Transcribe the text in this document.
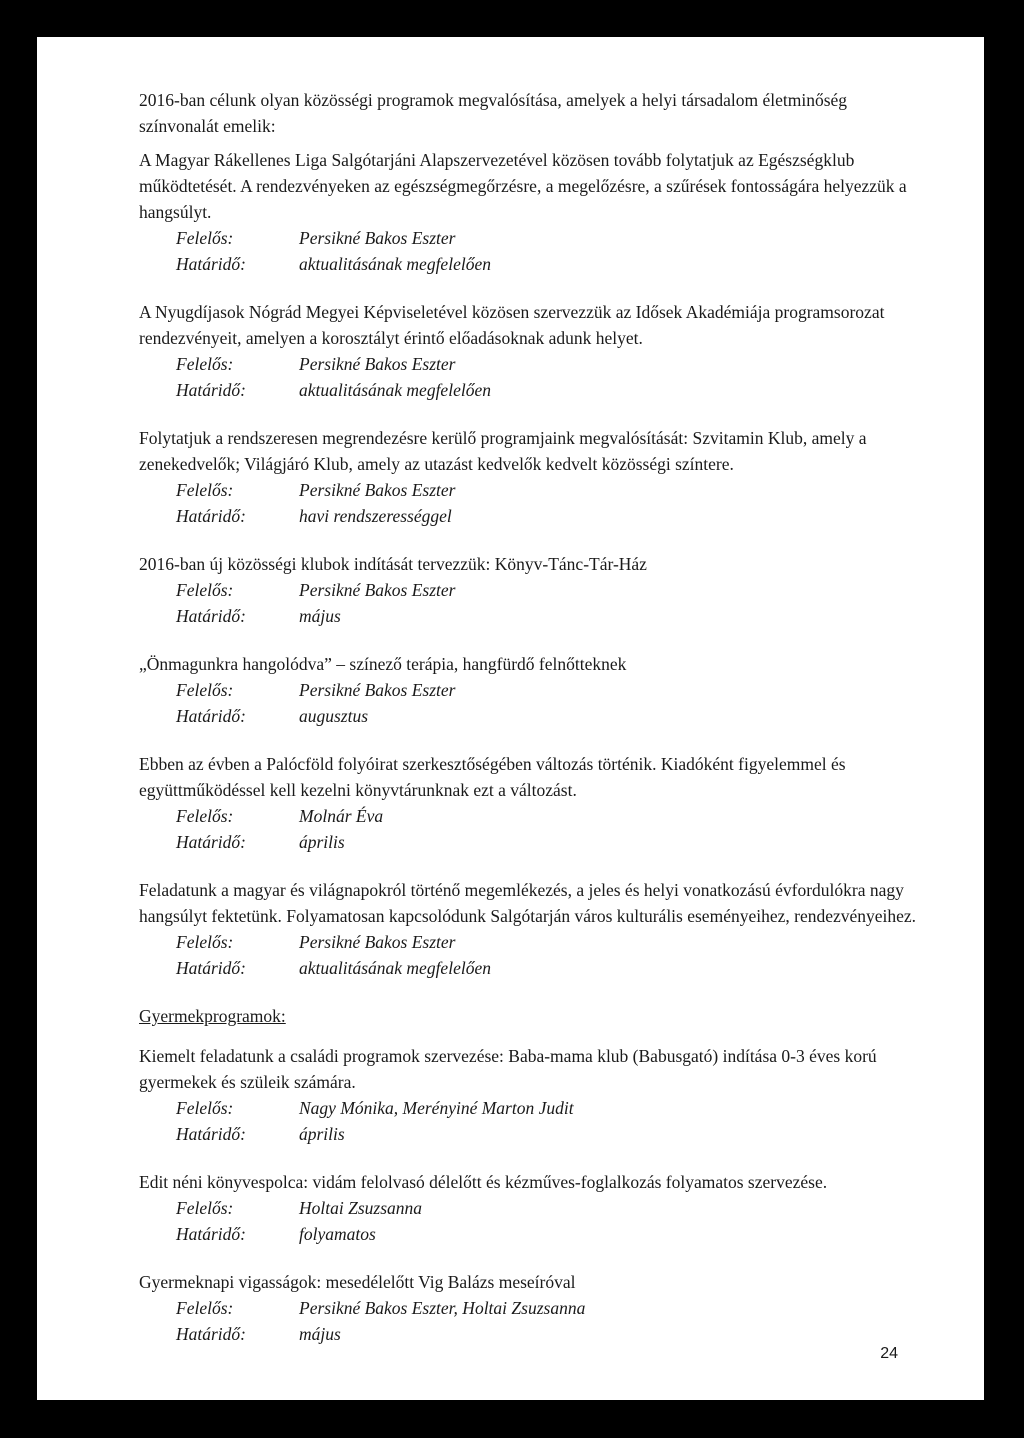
2016-ban célunk olyan közösségi programok megvalósítása, amelyek a helyi társadalom életminőség színvonalát emelik:

A Magyar Rákellenes Liga Salgótarjáni Alapszervezetével közösen tovább folytatjuk az Egészségklub működtetését. A rendezvényeken az egészségmegőrzésre, a megelőzésre, a szűrések fontosságára helyezzük a hangsúlyt.

Felelős:	Persikné Bakos Eszter
Határidő:	aktualitásának megfelelően

A Nyugdíjasok Nógrád Megyei Képviseletével közösen szervezzük az Idősek Akadémiája programsorozat rendezvényeit, amelyen a korosztályt érintő előadásoknak adunk helyet.

Felelős:	Persikné Bakos Eszter
Határidő:	aktualitásának megfelelően

Folytatjuk a rendszeresen megrendezésre kerülő programjaink megvalósítását: Szvitamin Klub, amely a zenekedvelők; Világjáró Klub, amely az utazást kedvelők kedvelt közösségi színtere.

Felelős:	Persikné Bakos Eszter
Határidő:	havi rendszerességgel

2016-ban új közösségi klubok indítását tervezzük: Könyv-Tánc-Tár-Ház

Felelős:	Persikné Bakos Eszter
Határidő:	május

„Önmagunkra hangolódva” – színező terápia, hangfürdő felnőtteknek

Felelős:	Persikné Bakos Eszter
Határidő:	augusztus

Ebben az évben a Palócföld folyóirat szerkesztőségében változás történik. Kiadóként figyelemmel és együttműködéssel kell kezelni könyvtárunknak ezt a változást.

Felelős:	Molnár Éva
Határidő:	április

Feladatunk a magyar és világnapokról történő megemlékezés, a jeles és helyi vonatkozású évfordulókra nagy hangsúlyt fektetünk. Folyamatosan kapcsolódunk Salgótarján város kulturális eseményeihez, rendezvényeihez.

Felelős:	Persikné Bakos Eszter
Határidő:	aktualitásának megfelelően

Gyermekprogramok:

Kiemelt feladatunk a családi programok szervezése: Baba-mama klub (Babusgató) indítása 0-3 éves korú gyermekek és szüleik számára.

Felelős:	Nagy Mónika, Merényiné Marton Judit
Határidő:	április

Edit néni könyvespolca: vidám felolvasó délelőtt és kézműves-foglalkozás folyamatos szervezése.

Felelős:	Holtai Zsuzsanna
Határidő:	folyamatos

Gyermeknapi vigasságok: mesedélelőtt Vig Balázs meseíróval

Felelős:	Persikné Bakos Eszter, Holtai Zsuzsanna
Határidő:	május
24
